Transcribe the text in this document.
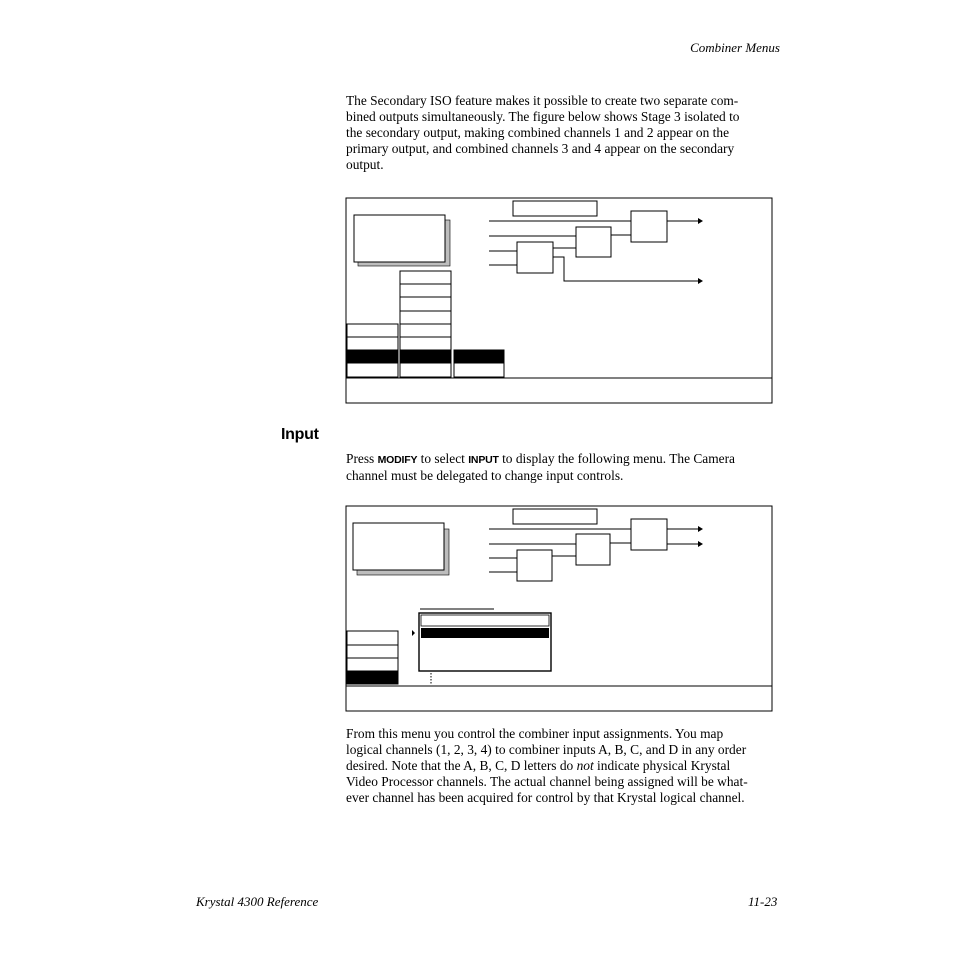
Combiner Menus
The Secondary ISO feature makes it possible to create two separate com-
bined outputs simultaneously. The figure below shows Stage 3 isolated to
the secondary output, making combined channels 1 and 2 appear on the
primary output, and combined channels 3 and 4 appear on the secondary
output.
Input
Press MODIFY to select INPUT to display the following menu. The Camera
channel must be delegated to change input controls.
From this menu you control the combiner input assignments. You map
logical channels (1, 2, 3, 4) to combiner inputs A, B, C, and D in any order
desired. Note that the A, B, C, D letters do not indicate physical Krystal
Video Processor channels. The actual channel being assigned will be what-
ever channel has been acquired for control by that Krystal logical channel.
Krystal 4300 Reference	11-23
